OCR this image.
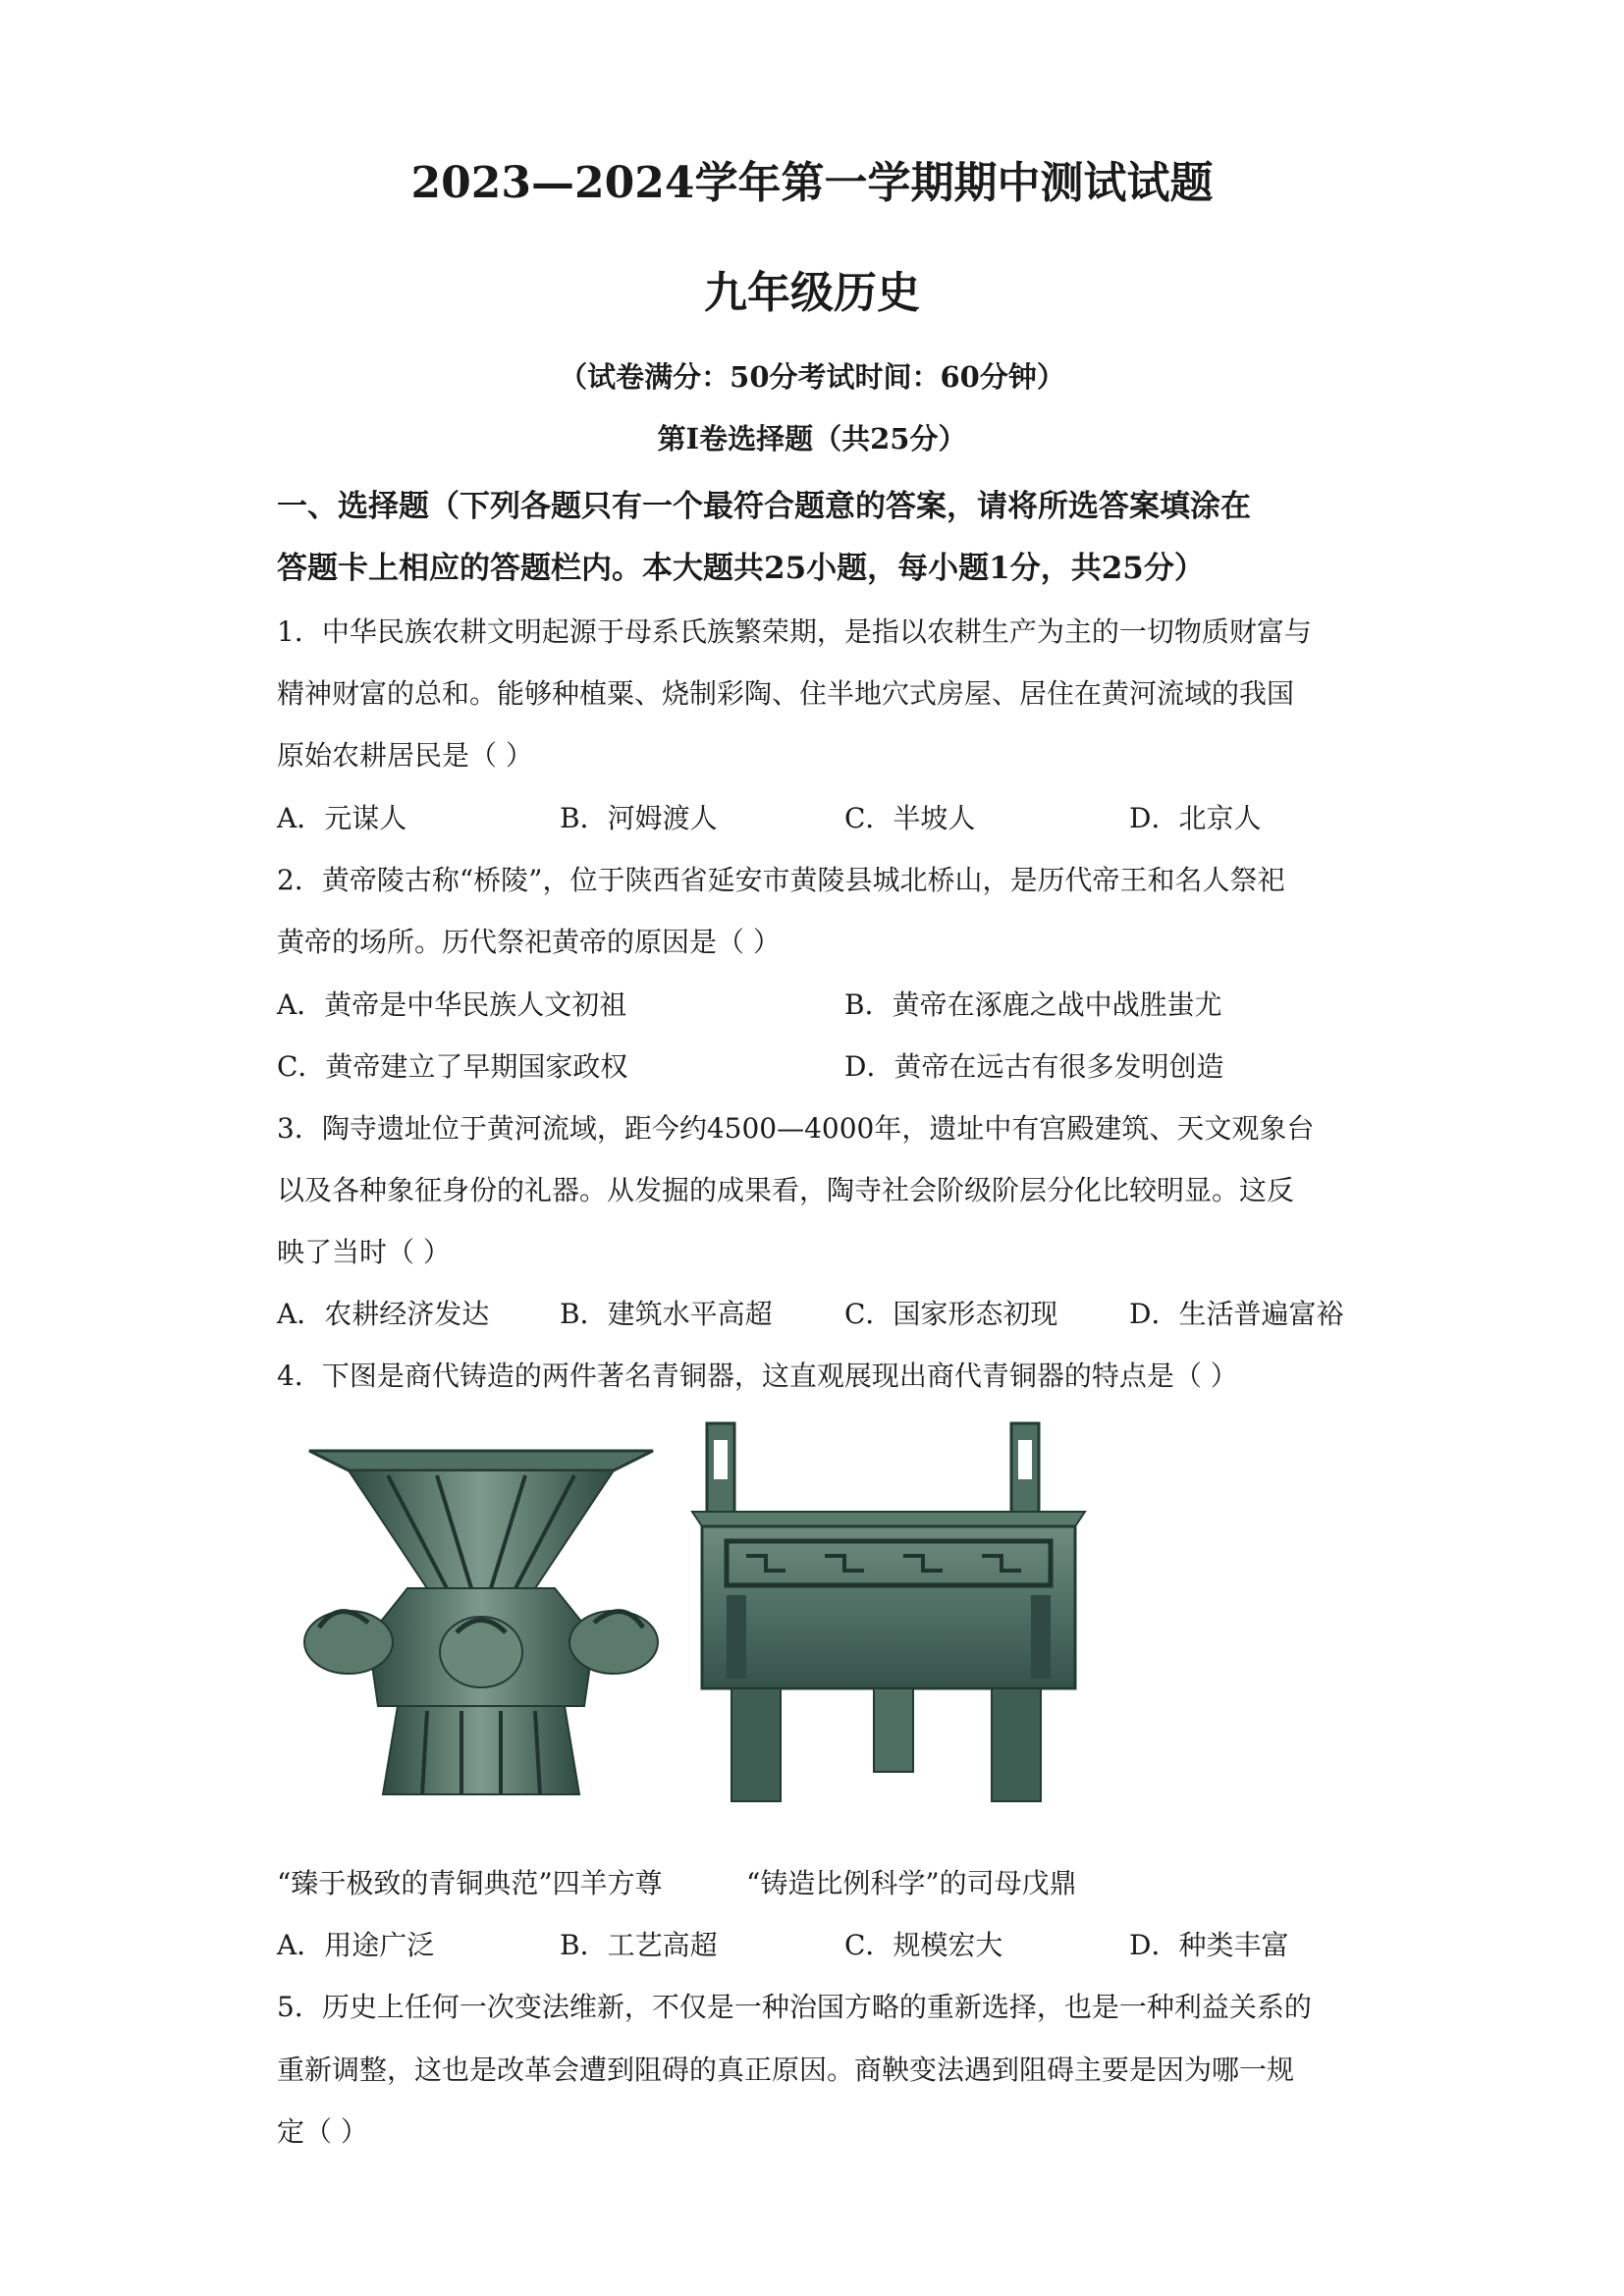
2023—2024学年第一学期期中测试试题
九年级历史
（试卷满分：50分考试时间：60分钟）
第Ⅰ卷选择题（共25分）
一、选择题（下列各题只有一个最符合题意的答案，请将所选答案填涂在
答题卡上相应的答题栏内。本大题共25小题，每小题1分，共25分）
1．中华民族农耕文明起源于母系氏族繁荣期，是指以农耕生产为主的一切物质财富与
精神财富的总和。能够种植粟、烧制彩陶、住半地穴式房屋、居住在黄河流域的我国
原始农耕居民是（ ）
A．元谋人	B．河姆渡人	C．半坡人	D．北京人
2．黄帝陵古称“桥陵”，位于陕西省延安市黄陵县城北桥山，是历代帝王和名人祭祀
黄帝的场所。历代祭祀黄帝的原因是（ ）
A．黄帝是中华民族人文初祖	B．黄帝在涿鹿之战中战胜蚩尤
C．黄帝建立了早期国家政权	D．黄帝在远古有很多发明创造
3．陶寺遗址位于黄河流域，距今约4500—4000年，遗址中有宫殿建筑、天文观象台
以及各种象征身份的礼器。从发掘的成果看，陶寺社会阶级阶层分化比较明显。这反
映了当时（ ）
A．农耕经济发达	B．建筑水平高超	C．国家形态初现	D．生活普遍富裕
4．下图是商代铸造的两件著名青铜器，这直观展现出商代青铜器的特点是（ ）
“臻于极致的青铜典范”四羊方尊	“铸造比例科学”的司母戊鼎
A．用途广泛	B．工艺高超	C．规模宏大	D．种类丰富
5．历史上任何一次变法维新，不仅是一种治国方略的重新选择，也是一种利益关系的
重新调整，这也是改革会遭到阻碍的真正原因。商鞅变法遇到阻碍主要是因为哪一规
定（ ）
